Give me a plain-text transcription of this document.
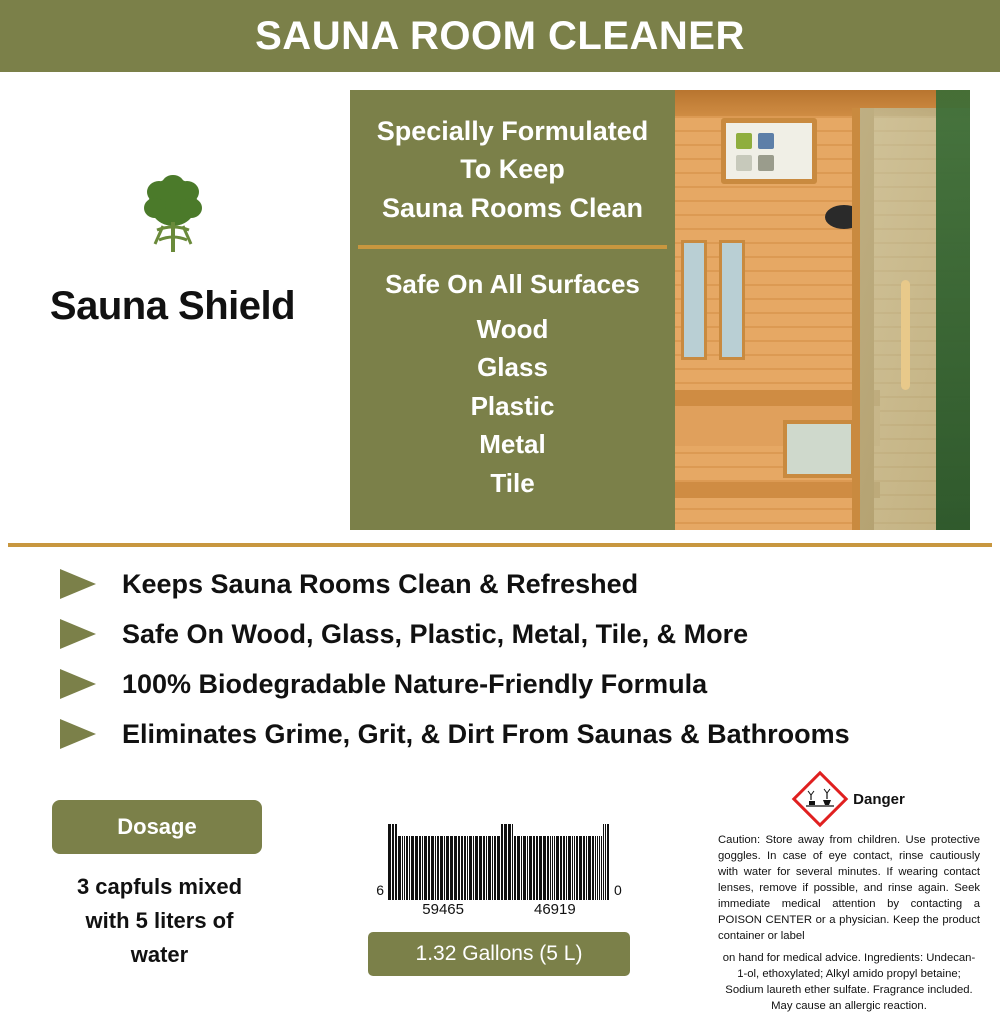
SAUNA ROOM CLEANER
Sauna Shield
Specially Formulated
To Keep
Sauna Rooms Clean
Safe On All Surfaces
Wood
Glass
Plastic
Metal
Tile
Keeps Sauna Rooms Clean & Refreshed
Safe On Wood, Glass, Plastic, Metal, Tile, & More
100% Biodegradable Nature-Friendly Formula
Eliminates Grime, Grit, & Dirt From Saunas & Bathrooms
Dosage
3 capfuls mixed
with 5 liters of
water
6	0
59465	46919
1.32 Gallons (5 L)
Danger
Caution: Store away from children. Use protective goggles. In case of eye contact, rinse cautiously with water for several minutes. If wearing contact lenses, remove if possible, and rinse again. Seek immediate medical attention by contacting a POISON CENTER or a physician. Keep the product container or label
on hand for medical advice. Ingredients: Undecan-1-ol, ethoxylated; Alkyl amido propyl betaine; Sodium laureth ether sulfate. Fragrance included. May cause an allergic reaction.
